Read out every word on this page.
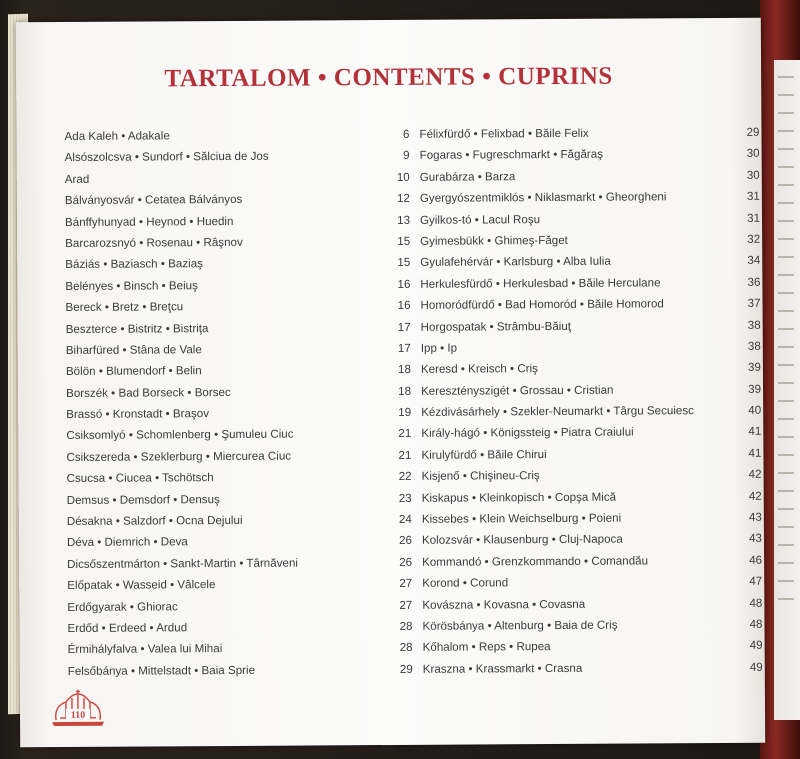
TARTALOM • CONTENTS • CUPRINS
Ada Kaleh • Adakale	6
Alsószolcsva • Sundorf • Sălciua de Jos	9
Arad	10
Bálványosvár • Cetatea Bálványos	12
Bánffyhunyad • Heynod • Huedin	13
Barcarozsnyó • Rosenau • Râşnov	15
Báziás • Baziasch • Baziaş	15
Belényes • Binsch • Beiuş	16
Bereck • Bretz • Breţcu	16
Beszterce • Bistritz • Bistriţa	17
Biharfüred • Stâna de Vale	17
Bölön • Blumendorf • Belin	18
Borszék • Bad Borseck • Borsec	18
Brassó • Kronstadt • Braşov	19
Csiksomlyó • Schomlenberg • Şumuleu Ciuc	21
Csikszereda • Szeklerburg • Miercurea Ciuc	21
Csucsa • Ciucea • Tschötsch	22
Demsus • Demsdorf • Densuş	23
Désakna • Salzdorf • Ocna Dejului	24
Déva • Diemrich • Deva	26
Dicsőszentmárton • Sankt-Martin • Târnăveni	26
Előpatak • Wasseid • Vâlcele	27
Erdőgyarak • Ghiorac	27
Erdőd • Erdeed • Ardud	28
Érmihályfalva • Valea lui Mihai	28
Felsőbánya • Mittelstadt • Baia Sprie	29
Félixfürdő • Felixbad • Băile Felix	29
Fogaras • Fugreschmarkt • Făgăraş	30
Gurabárza • Barza	30
Gyergyószentmiklós • Niklasmarkt • Gheorgheni	31
Gyilkos-tó • Lacul Roşu	31
Gyimesbükk • Ghimeş-Făget	32
Gyulafehérvár • Karlsburg • Alba Iulia	34
Herkulesfürdő • Herkulesbad • Băile Herculane	36
Homoródfürdő • Bad Homoród • Băile Homorod	37
Horgospatak • Strâmbu-Băiuţ	38
Ipp • Ip	38
Keresd • Kreisch • Criş	39
Keresztényszigét • Grossau • Cristian	39
Kézdivásárhely • Szekler-Neumarkt • Târgu Secuiesc	40
Király-hágó • Königssteig • Piatra Craiului	41
Kirulyfürdő • Băile Chirui	41
Kisjenő • Chişineu-Criş	42
Kiskapus • Kleinkopisch • Copşa Mică	42
Kissebes • Klein Weichselburg • Poieni	43
Kolozsvár • Klausenburg • Cluj-Napoca	43
Kommandó • Grenzkommando • Comandău	46
Korond • Corund	47
Kovászna • Kovasna • Covasna	48
Körösbánya • Altenburg • Baia de Criş	48
Kőhalom • Reps • Rupea	49
Kraszna • Krassmarkt • Crasna	49
110
